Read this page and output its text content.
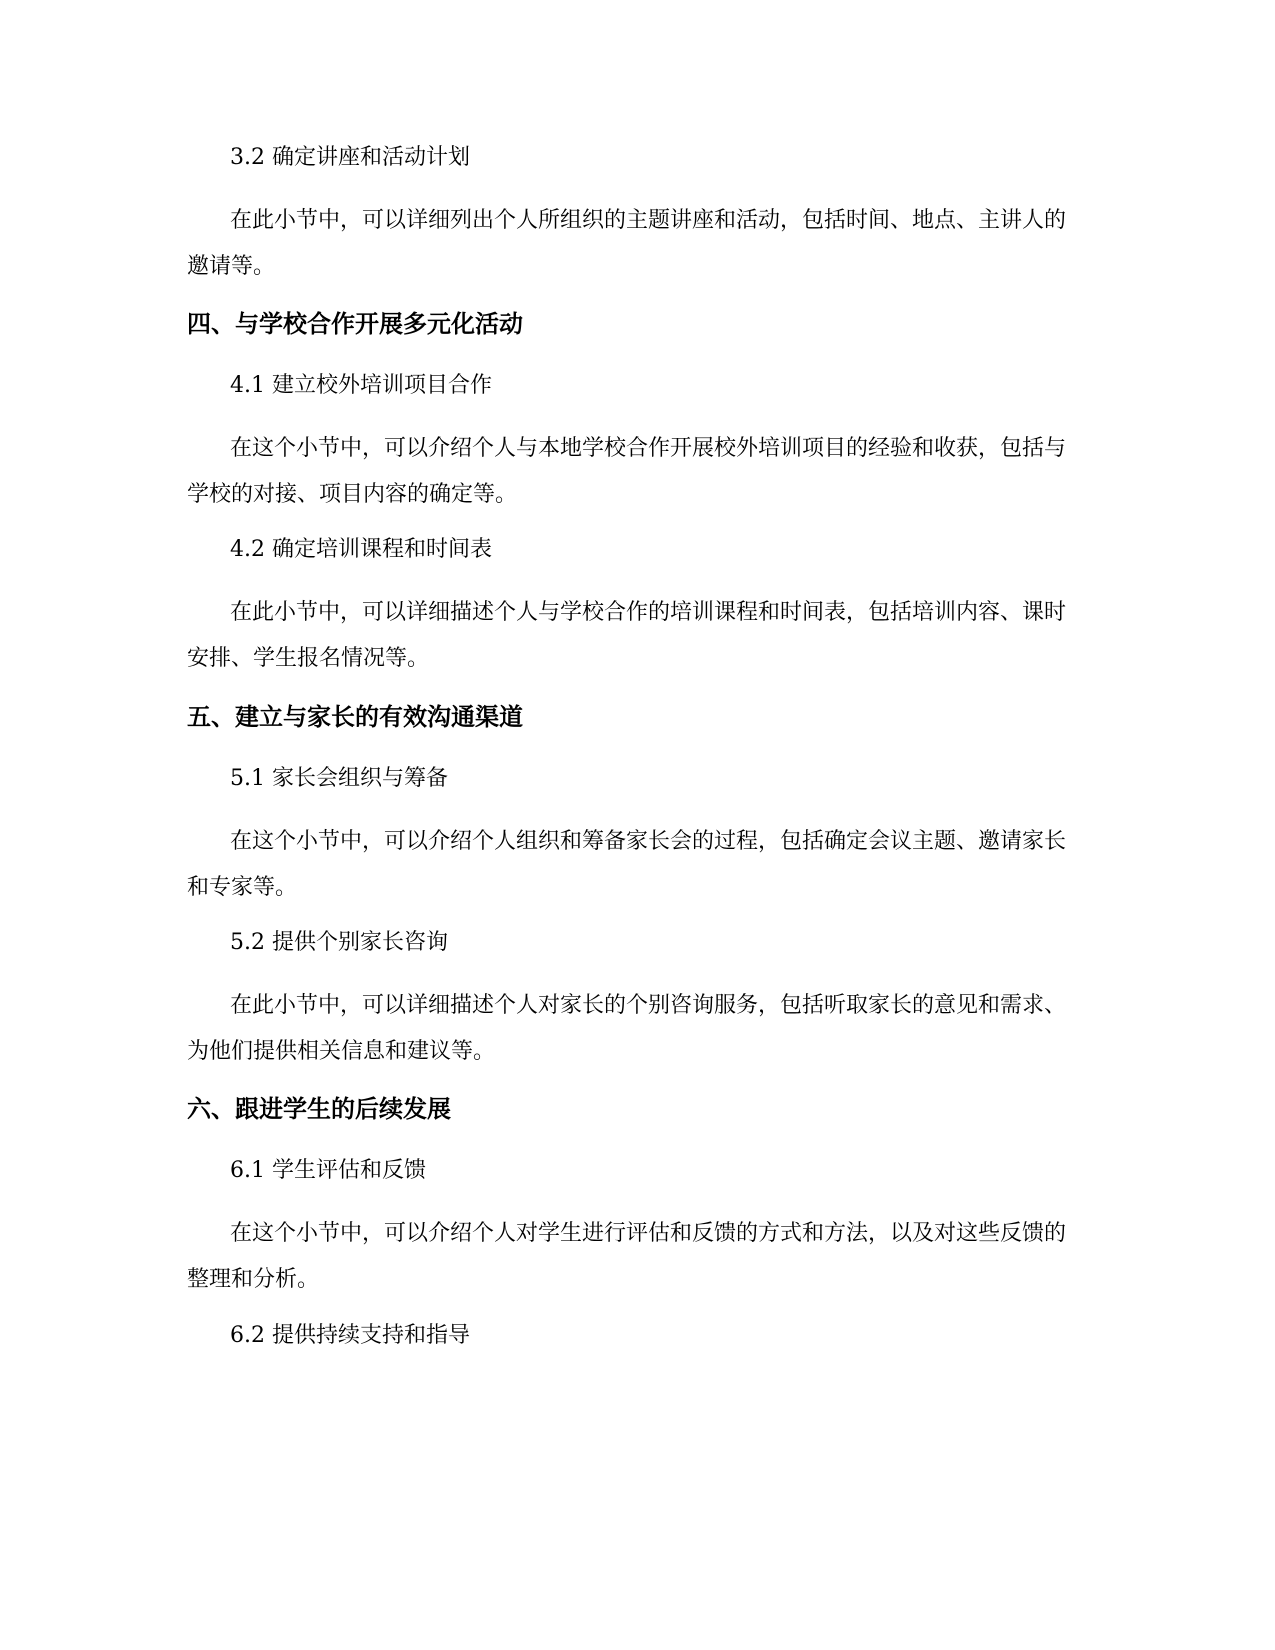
3.2 确定讲座和活动计划

在此小节中，可以详细列出个人所组织的主题讲座和活动，包括时间、地点、主讲人的邀请等。

四、与学校合作开展多元化活动

4.1 建立校外培训项目合作

在这个小节中，可以介绍个人与本地学校合作开展校外培训项目的经验和收获，包括与学校的对接、项目内容的确定等。

4.2 确定培训课程和时间表

在此小节中，可以详细描述个人与学校合作的培训课程和时间表，包括培训内容、课时安排、学生报名情况等。

五、建立与家长的有效沟通渠道

5.1 家长会组织与筹备

在这个小节中，可以介绍个人组织和筹备家长会的过程，包括确定会议主题、邀请家长和专家等。

5.2 提供个别家长咨询

在此小节中，可以详细描述个人对家长的个别咨询服务，包括听取家长的意见和需求、为他们提供相关信息和建议等。

六、跟进学生的后续发展

6.1 学生评估和反馈

在这个小节中，可以介绍个人对学生进行评估和反馈的方式和方法，以及对这些反馈的整理和分析。

6.2 提供持续支持和指导
